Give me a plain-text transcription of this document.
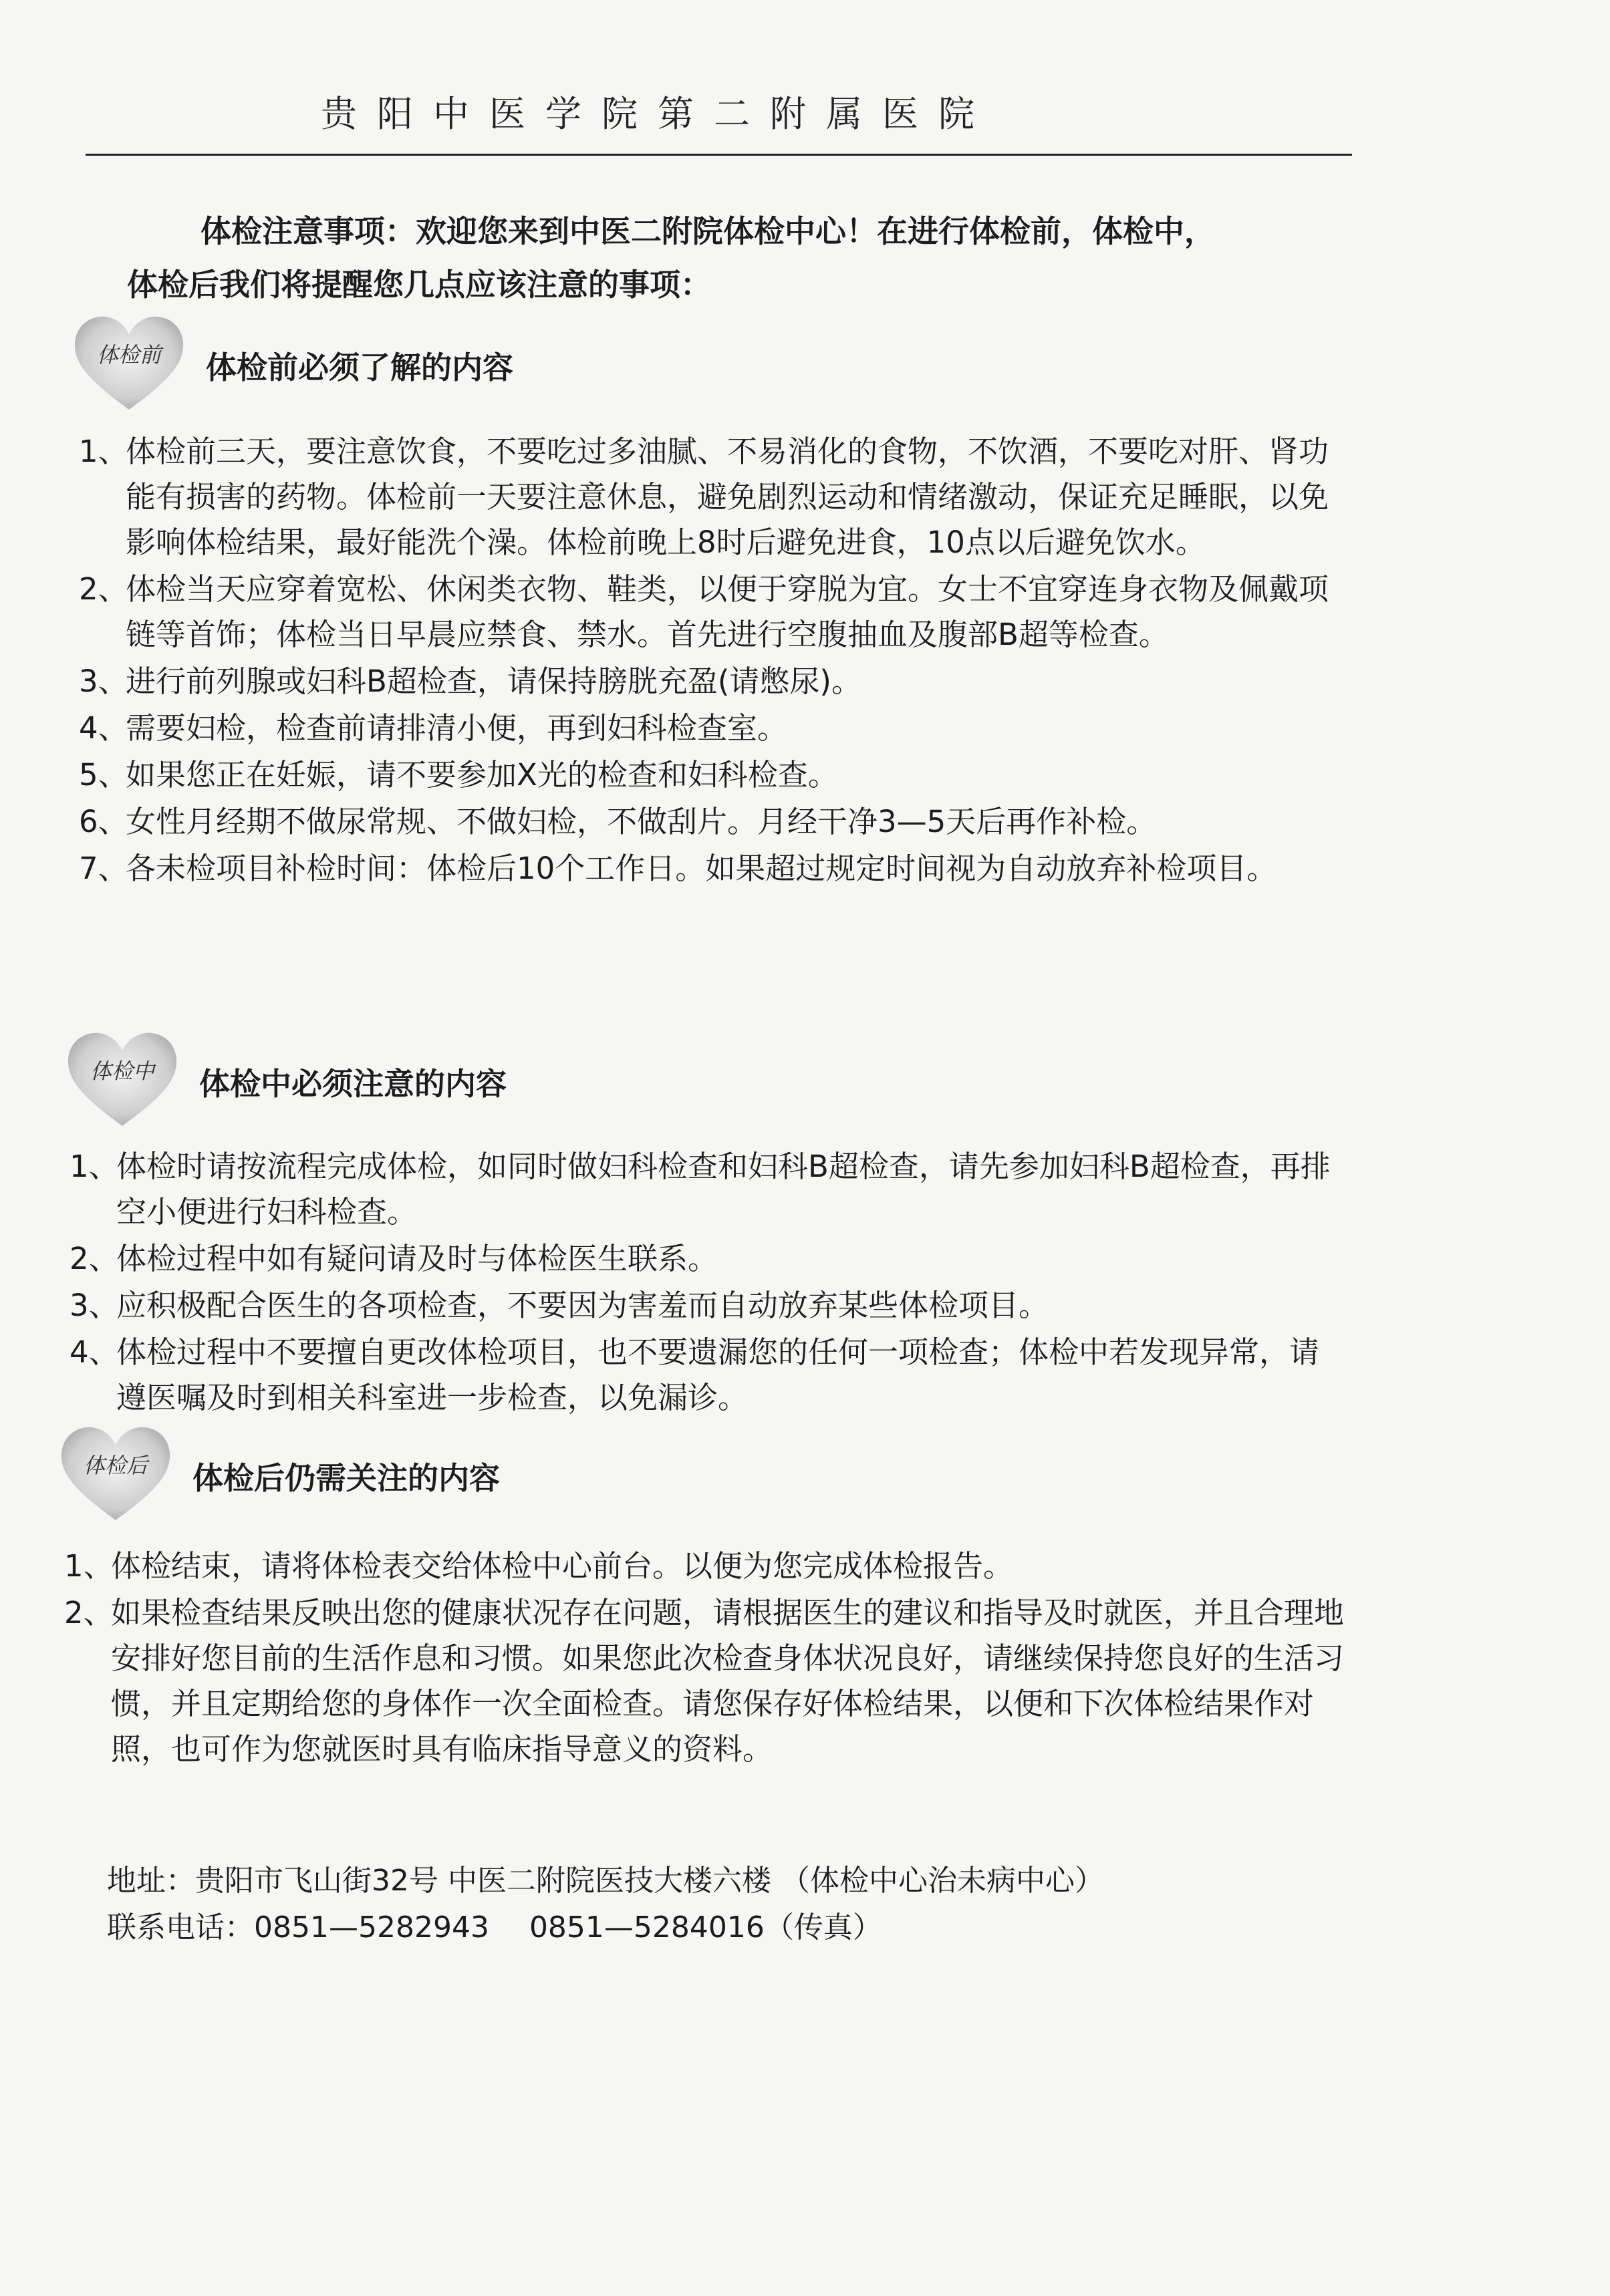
贵阳中医学院第二附属医院
体检注意事项：欢迎您来到中医二附院体检中心！在进行体检前，体检中，
体检后我们将提醒您几点应该注意的事项：
体检前	体检前必须了解的内容
1、
体检前三天，要注意饮食，不要吃过多油腻、不易消化的食物，不饮酒，不要吃对肝、肾功能有损害的药物。体检前一天要注意休息，避免剧烈运动和情绪激动，保证充足睡眠，以免影响体检结果，最好能洗个澡。体检前晚上8时后避免进食，10点以后避免饮水。
2、
体检当天应穿着宽松、休闲类衣物、鞋类，以便于穿脱为宜。女士不宜穿连身衣物及佩戴项链等首饰；体检当日早晨应禁食、禁水。首先进行空腹抽血及腹部B超等检查。
3、
进行前列腺或妇科B超检查，请保持膀胱充盈(请憋尿)。
4、
需要妇检，检查前请排清小便，再到妇科检查室。
5、
如果您正在妊娠，请不要参加X光的检查和妇科检查。
6、
女性月经期不做尿常规、不做妇检，不做刮片。月经干净3—5天后再作补检。
7、
各未检项目补检时间：体检后10个工作日。如果超过规定时间视为自动放弃补检项目。
体检中	体检中必须注意的内容
1、
体检时请按流程完成体检，如同时做妇科检查和妇科B超检查，请先参加妇科B超检查，再排空小便进行妇科检查。
2、
体检过程中如有疑问请及时与体检医生联系。
3、
应积极配合医生的各项检查，不要因为害羞而自动放弃某些体检项目。
4、
体检过程中不要擅自更改体检项目，也不要遗漏您的任何一项检查；体检中若发现异常，请遵医嘱及时到相关科室进一步检查，以免漏诊。
体检后	体检后仍需关注的内容
1、
体检结束，请将体检表交给体检中心前台。以便为您完成体检报告。
2、
如果检查结果反映出您的健康状况存在问题，请根据医生的建议和指导及时就医，并且合理地安排好您目前的生活作息和习惯。如果您此次检查身体状况良好，请继续保持您良好的生活习惯，并且定期给您的身体作一次全面检查。请您保存好体检结果，以便和下次体检结果作对照，也可作为您就医时具有临床指导意义的资料。
地址：贵阳市飞山街32号 中医二附院医技大楼六楼 （体检中心治未病中心）
联系电话：0851—5282943 0851—5284016（传真）
